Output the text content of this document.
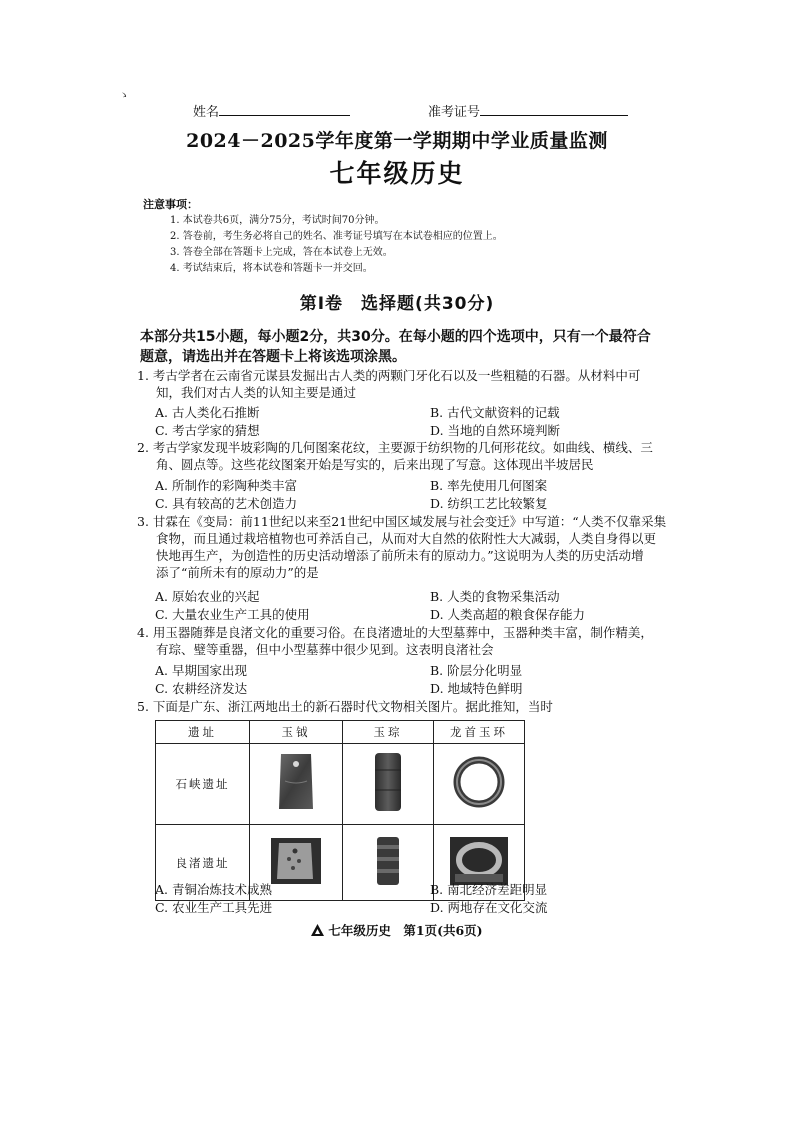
ゝ
姓名	准考证号
2024－2025学年度第一学期期中学业质量监测
七年级历史
注意事项：
1. 本试卷共6页，满分75分，考试时间70分钟。
2. 答卷前，考生务必将自己的姓名、准考证号填写在本试卷相应的位置上。
3. 答卷全部在答题卡上完成，答在本试卷上无效。
4. 考试结束后，将本试卷和答题卡一并交回。
第Ⅰ卷　选择题(共30分)
本部分共15小题，每小题2分，共30分。在每小题的四个选项中，只有一个最符合
题意，请选出并在答题卡上将该选项涂黑。
1. 考古学者在云南省元谋县发掘出古人类的两颗门牙化石以及一些粗糙的石器。从材料中可
知，我们对古人类的认知主要是通过
A. 古人类化石推断	B. 古代文献资料的记载
C. 考古学家的猜想	D. 当地的自然环境判断
2. 考古学家发现半坡彩陶的几何图案花纹，主要源于纺织物的几何形花纹。如曲线、横线、三
角、圆点等。这些花纹图案开始是写实的，后来出现了写意。这体现出半坡居民
A. 所制作的彩陶种类丰富	B. 率先使用几何图案
C. 具有较高的艺术创造力	D. 纺织工艺比较繁复
3. 甘霖在《变局：前11世纪以来至21世纪中国区域发展与社会变迁》中写道：“人类不仅靠采集
食物，而且通过栽培植物也可养活自己，从而对大自然的依附性大大减弱，人类自身得以更
快地再生产，为创造性的历史活动增添了前所未有的原动力。”这说明为人类的历史活动增
添了“前所未有的原动力”的是
A. 原始农业的兴起	B. 人类的食物采集活动
C. 大量农业生产工具的使用	D. 人类高超的粮食保存能力
4. 用玉器随葬是良渚文化的重要习俗。在良渚遗址的大型墓葬中，玉器种类丰富，制作精美，
有琮、璧等重器，但中小型墓葬中很少见到。这表明良渚社会
A. 早期国家出现	B. 阶层分化明显
C. 农耕经济发达	D. 地域特色鲜明
5. 下面是广东、浙江两地出土的新石器时代文物相关图片。据此推知，当时
遗址	玉钺	玉琮	龙首玉环
石峡遗址			
良渚遗址			
A. 青铜冶炼技术成熟	B. 南北经济差距明显
C. 农业生产工具先进	D. 两地存在文化交流
七年级历史　第1页(共6页)
